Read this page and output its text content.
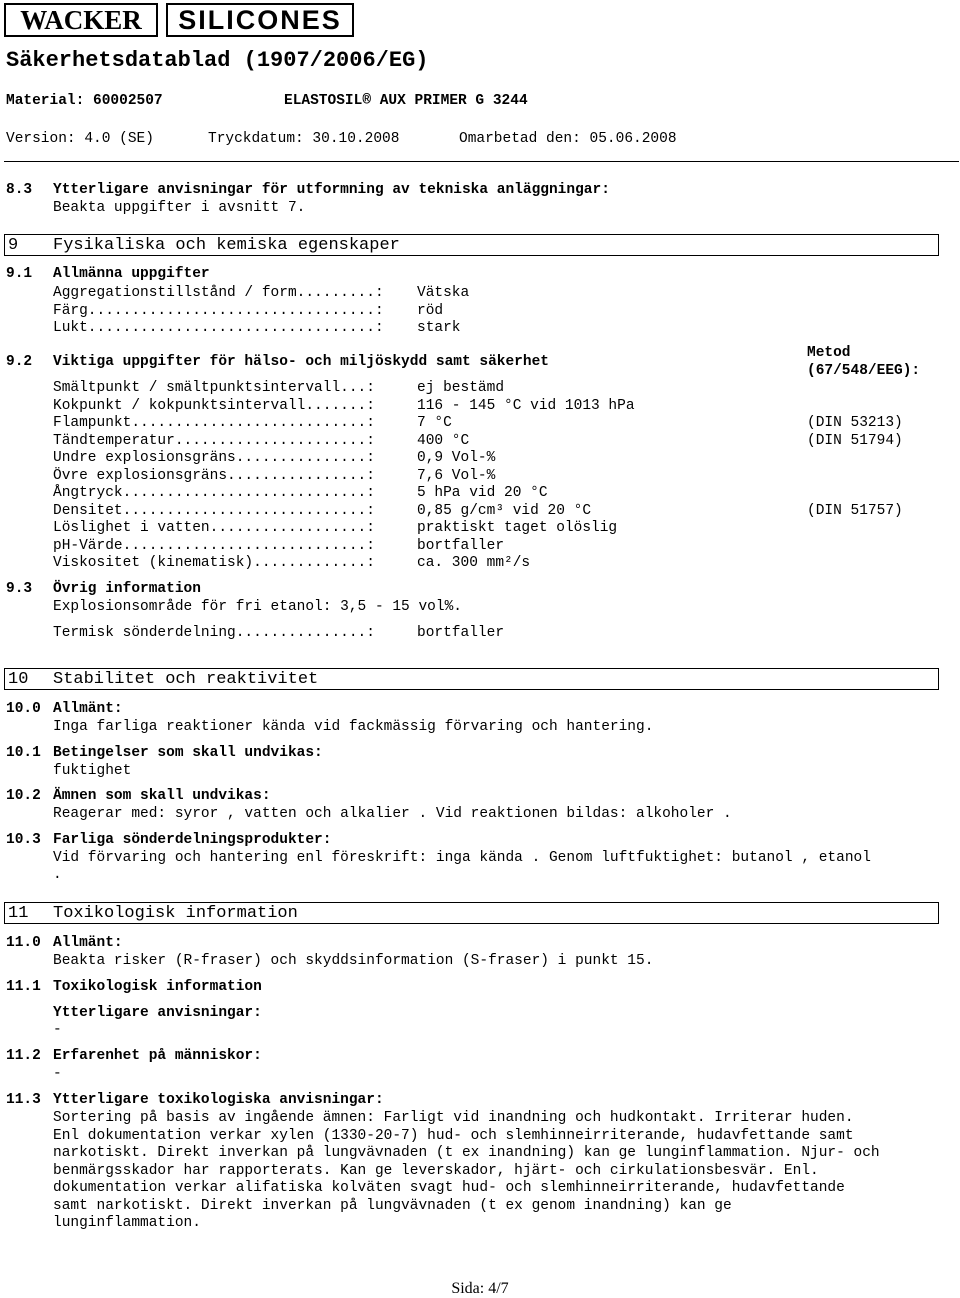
WACKER	SILICONES
Säkerhetsdatablad (1907/2006/EG)
Material: 60002507	ELASTOSIL® AUX PRIMER G 3244
Version: 4.0 (SE)	Tryckdatum: 30.10.2008	Omarbetad den: 05.06.2008
8.3 Ytterligare anvisningar för utformning av tekniska anläggningar:
Beakta uppgifter i avsnitt 7.
9 Fysikaliska och kemiska egenskaper
9.1 Allmänna uppgifter
Aggregationstillstånd / form.........: Vätska
Färg.................................: röd
Lukt.................................: stark
9.2 Viktiga uppgifter för hälso- och miljöskydd samt säkerhet
Metod
(67/548/EEG):
Smältpunkt / smältpunktsintervall...:	ej bestämd
Kokpunkt / kokpunktsintervall.......:	116 - 145 °C vid 1013 hPa
Flampunkt...........................:	7 °C	(DIN 53213)
Tändtemperatur......................:	400 °C	(DIN 51794)
Undre explosionsgräns...............:	0,9 Vol-%
Övre explosionsgräns................:	7,6 Vol-%
Ångtryck............................:	5 hPa vid 20 °C
Densitet............................:	0,85 g/cm³ vid 20 °C	(DIN 51757)
Löslighet i vatten..................:	praktiskt taget olöslig
pH-Värde............................:	bortfaller
Viskositet (kinematisk).............:	ca. 300 mm²/s
9.3 Övrig information
Explosionsområde för fri etanol: 3,5 - 15 vol%.
Termisk sönderdelning...............:	bortfaller
10 Stabilitet och reaktivitet
10.0 Allmänt:
Inga farliga reaktioner kända vid fackmässig förvaring och hantering.
10.1 Betingelser som skall undvikas:
fuktighet
10.2 Ämnen som skall undvikas:
Reagerar med: syror , vatten och alkalier . Vid reaktionen bildas: alkoholer .
10.3 Farliga sönderdelningsprodukter:
Vid förvaring och hantering enl föreskrift: inga kända . Genom luftfuktighet: butanol , etanol
.
11 Toxikologisk information
11.0 Allmänt:
Beakta risker (R-fraser) och skyddsinformation (S-fraser) i punkt 15.
11.1 Toxikologisk information
Ytterligare anvisningar:
-
11.2 Erfarenhet på människor:
-
11.3 Ytterligare toxikologiska anvisningar:
Sortering på basis av ingående ämnen: Farligt vid inandning och hudkontakt. Irriterar huden.
Enl dokumentation verkar xylen (1330-20-7) hud- och slemhinneirriterande, hudavfettande samt
narkotiskt. Direkt inverkan på lungvävnaden (t ex inandning) kan ge lunginflammation. Njur- och
benmärgsskador har rapporterats. Kan ge leverskador, hjärt- och cirkulationsbesvär. Enl.
dokumentation verkar alifatiska kolväten svagt hud- och slemhinneirriterande, hudavfettande
samt narkotiskt. Direkt inverkan på lungvävnaden (t ex genom inandning) kan ge
lunginflammation.
Sida: 4/7
